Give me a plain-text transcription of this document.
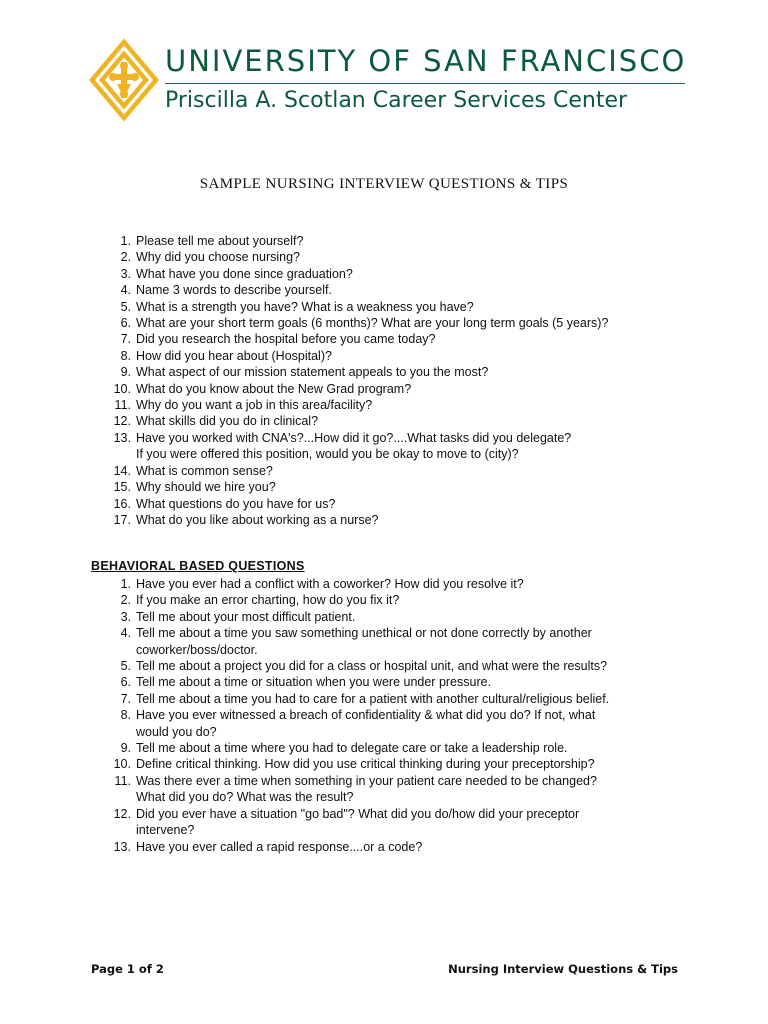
UNIVERSITY OF SAN FRANCISCO
Priscilla A. Scotlan Career Services Center
SAMPLE NURSING INTERVIEW QUESTIONS & TIPS
1. Please tell me about yourself?
2. Why did you choose nursing?
3. What have you done since graduation?
4. Name 3 words to describe yourself.
5. What is a strength you have? What is a weakness you have?
6. What are your short term goals (6 months)? What are your long term goals (5 years)?
7. Did you research the hospital before you came today?
8. How did you hear about (Hospital)?
9. What aspect of our mission statement appeals to you the most?
10. What do you know about the New Grad program?
11. Why do you want a job in this area/facility?
12. What skills did you do in clinical?
13. Have you worked with CNA's?...How did it go?....What tasks did you delegate?
If you were offered this position, would you be okay to move to (city)?
14. What is common sense?
15. Why should we hire you?
16. What questions do you have for us?
17. What do you like about working as a nurse?
BEHAVIORAL BASED QUESTIONS
1. Have you ever had a conflict with a coworker? How did you resolve it?
2. If you make an error charting, how do you fix it?
3. Tell me about your most difficult patient.
4. Tell me about a time you saw something unethical or not done correctly by another
coworker/boss/doctor.
5. Tell me about a project you did for a class or hospital unit, and what were the results?
6. Tell me about a time or situation when you were under pressure.
7. Tell me about a time you had to care for a patient with another cultural/religious belief.
8. Have you ever witnessed a breach of confidentiality & what did you do? If not, what
would you do?
9. Tell me about a time where you had to delegate care or take a leadership role.
10. Define critical thinking. How did you use critical thinking during your preceptorship?
11. Was there ever a time when something in your patient care needed to be changed?
What did you do? What was the result?
12. Did you ever have a situation "go bad"? What did you do/how did your preceptor
intervene?
13. Have you ever called a rapid response....or a code?
Page 1 of 2	Nursing Interview Questions & Tips
